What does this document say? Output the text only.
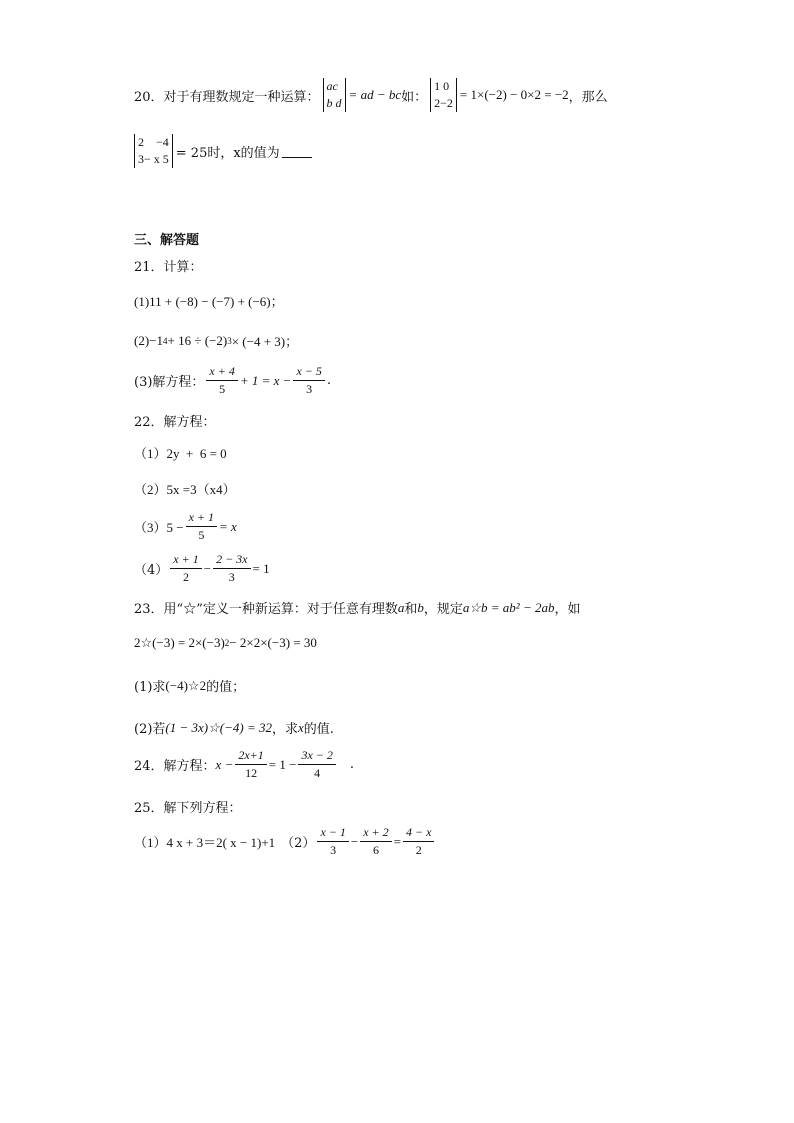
20．对于有理数规定一种运算：
ac
b d
= ad − bc 如：
1 0
2−2
= 1×(−2) − 0×2 = −2 ，那么
2    −4
3− x 5 = 25时，x的值为
三、解答题
21．计算：
(1)11 + (−8) − (−7) + (−6)；
(2)−1 4 + 16 ÷ (−2) 3 × (−4 + 3)；
(3)解方程： $\frac{x + 4}{5} + 1 = x - \frac{x - 5}{3}$ .
22．解方程：
（1）2y  +  6 = 0
（2）5x =3（x4）
$(3)5 - \frac{x + 1}{5} = x$
$(4) \frac{x + 1}{2} - \frac{2 - 3x}{3} = 1$
23．用“☆”定义一种新运算：对于任意有理数 a 和 b ，规定 a☆b = ab² − 2ab ，如
2☆(−3) = 2×(−3) 2 − 2×2×(−3) = 30
(1)求 (−4)☆2 的值；
(2)若 (1 − 3x)☆(−4) = 32 ，求 x 的值.
24．解方程： $x - \frac{2x+1}{12} = 1 - \frac{3x - 2}{4}$ .
25．解下列方程：
（1）4 x + 3＝2( x − 1)+1 $(2) \frac{x - 1}{3} - \frac{x + 2}{6} = \frac{4 - x}{2}$
